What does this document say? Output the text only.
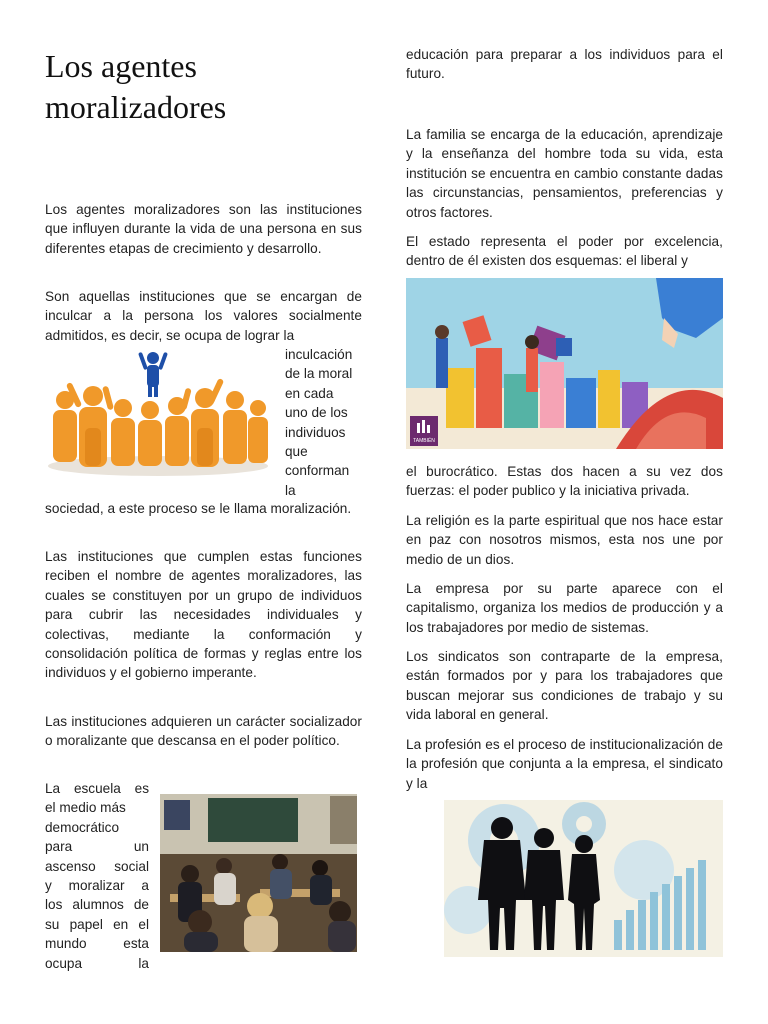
Los agentes
moralizadores

Los agentes moralizadores son las instituciones que influyen durante la vida de una persona en sus diferentes etapas de crecimiento y desarrollo.

Son aquellas instituciones que se encargan de inculcar a la persona los valores socialmente admitidos, es decir, se ocupa de lograr la

inculcación
de la moral
en cada
uno de los
individuos
que
conforman
la

sociedad, a este proceso se le llama moralización.

Las instituciones que cumplen estas funciones reciben el nombre de agentes moralizadores, las cuales se constituyen por un grupo de individuos para cubrir las necesidades individuales y colectivas, mediante la conformación y consolidación política de formas y reglas entre los individuos y el gobierno imperante.

Las instituciones adquieren un carácter socializador o moralizante que descansa en el poder político.

La escuela es
el medio más
democrático
para un
ascenso social
y moralizar a
los alumnos de
su papel en el
mundo esta
ocupa la

educación para preparar a los individuos para el futuro.

La familia se encarga de la educación, aprendizaje y la enseñanza del hombre toda su vida, esta institución se encuentra en cambio constante dadas las circunstancias, pensamientos, preferencias y otros factores.

El estado representa el poder por excelencia, dentro de él existen dos esquemas: el liberal y

TAMBIÉN

el burocrático. Estas dos hacen a su vez dos fuerzas: el poder publico y la iniciativa privada.

La religión es la parte espiritual que nos hace estar en paz con nosotros mismos, esta nos une por medio de un dios.

La empresa por su parte aparece con el capitalismo, organiza los medios de producción y a los trabajadores por medio de sistemas.

Los sindicatos son contraparte de la empresa, están formados por y para los trabajadores que buscan mejorar sus condiciones de trabajo y su vida laboral en general.

La profesión es el proceso de institucionalización de la profesión que conjunta a la empresa, el sindicato y la
